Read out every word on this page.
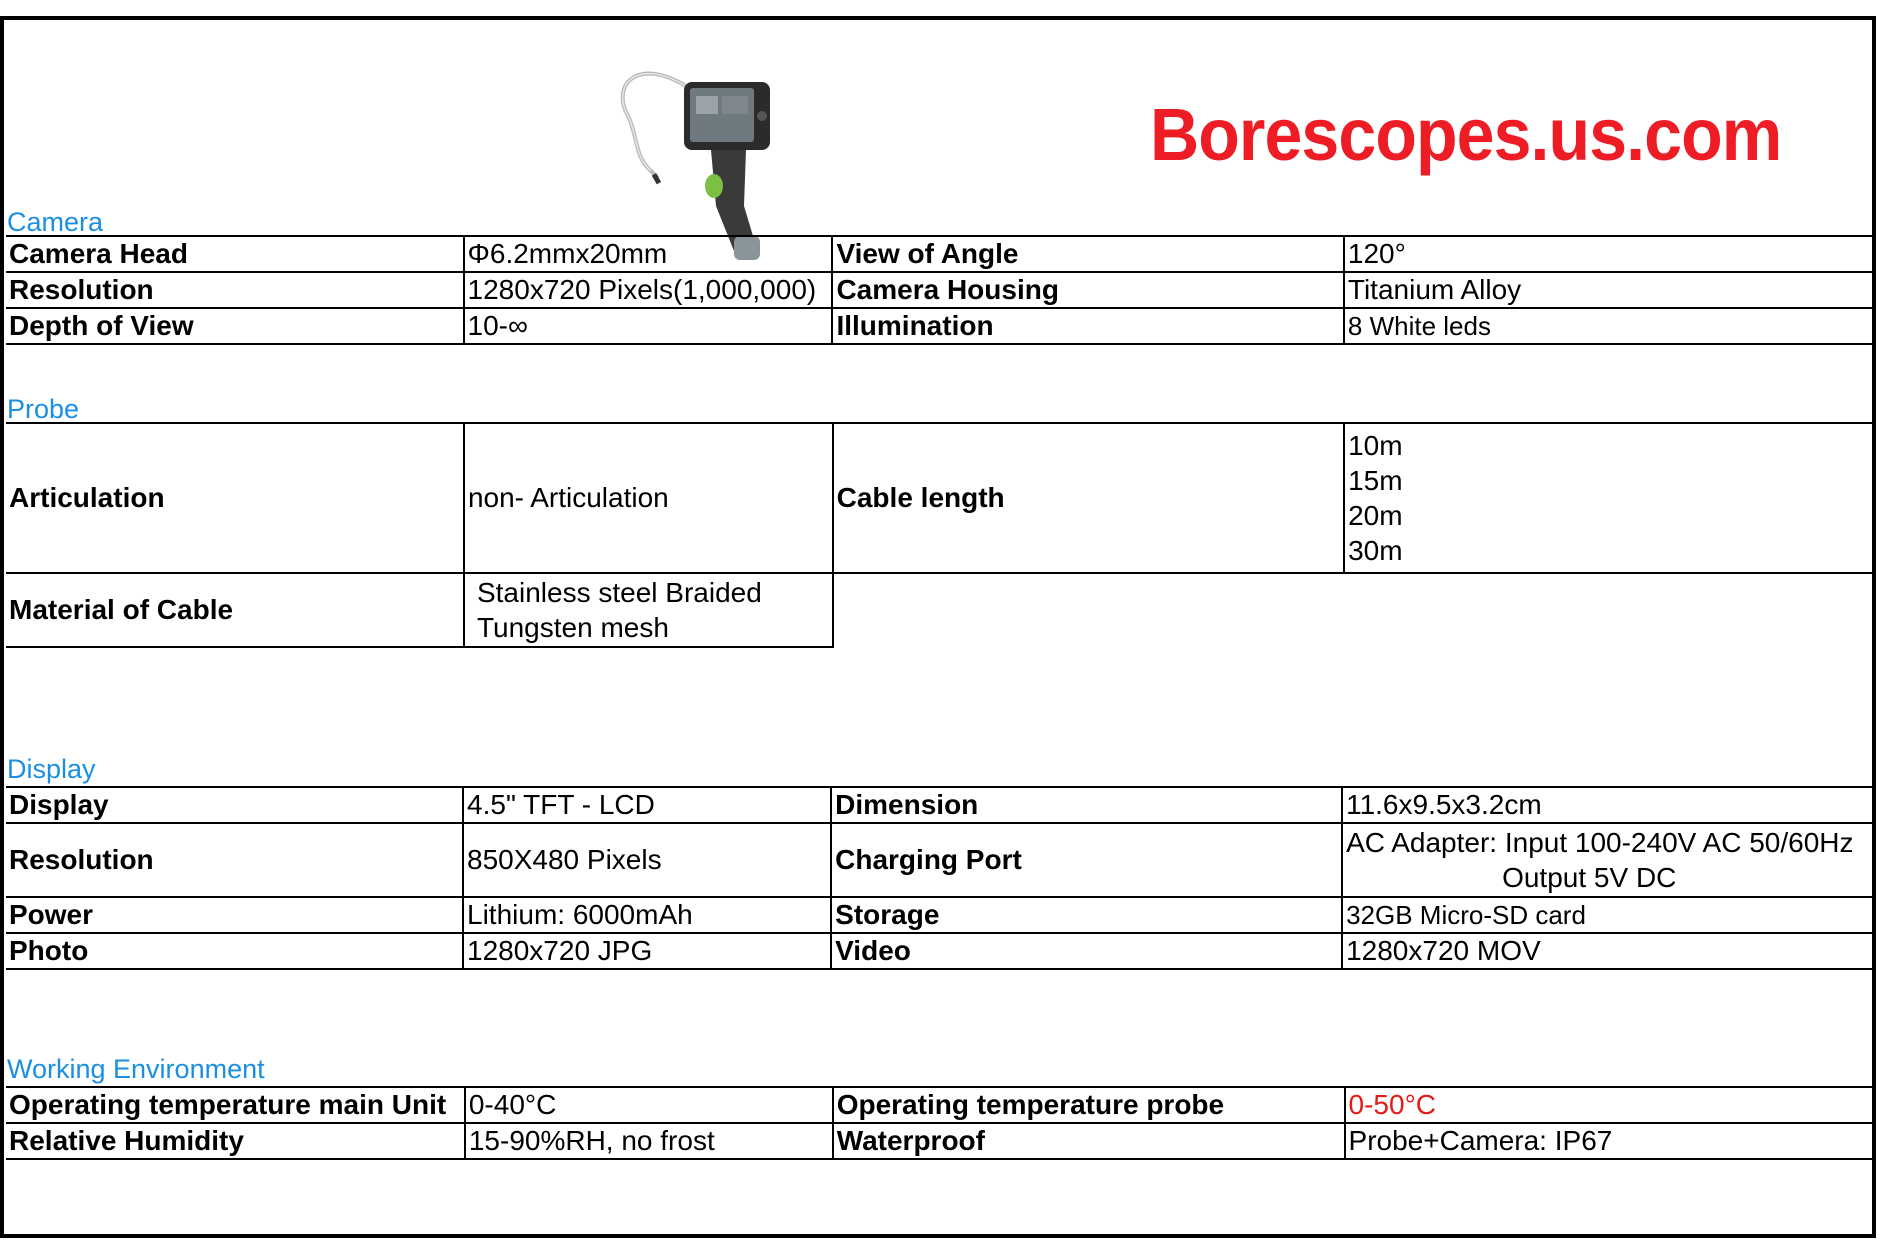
Borescopes.us.com
Camera
Camera Head	Φ6.2mmx20mm	View of Angle	120°
Resolution	1280x720 Pixels(1,000,000)	Camera Housing	Titanium Alloy
Depth of View	10-∞	Illumination	8 White leds
Probe
Articulation	non- Articulation	Cable length	10m
15m
20m
30m

Material of Cable	Stainless steel Braided
Tungsten mesh		

Display
Display	4.5" TFT - LCD	Dimension	11.6x9.5x3.2cm
Resolution	850X480 Pixels	Charging Port	AC Adapter: Input 100-240V AC 50/60Hz
Output 5V DC

Power	Lithium: 6000mAh	Storage	32GB Micro-SD card
Photo	1280x720 JPG	Video	1280x720 MOV
Working Environment
Operating temperature main Unit	0-40°C	Operating temperature probe	0-50°C
Relative Humidity	15-90%RH, no frost	Waterproof	Probe+Camera: IP67
